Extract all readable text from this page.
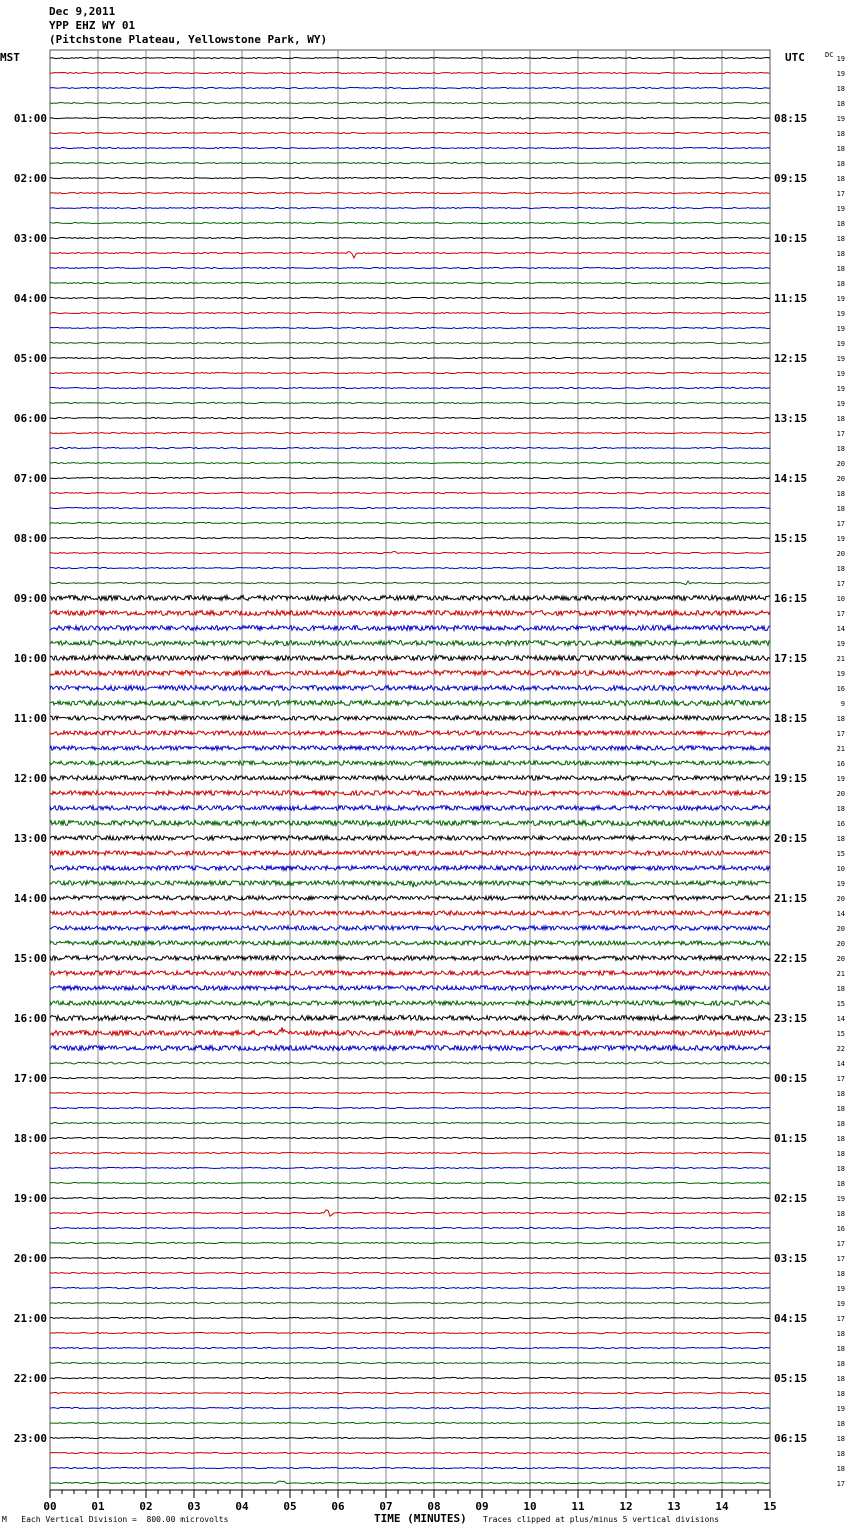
Dec 9,2011
YPP EHZ WY 01
(Pitchstone Plateau, Yellowstone Park, WY)
00	01	02	03	04	05	06	07	08	09	10	11	12	13	14	15
MST	UTC	DC
01:00
02:00
03:00
04:00
05:00
06:00
07:00
08:00
09:00
10:00
11:00
12:00
13:00
14:00
15:00
16:00
17:00
18:00
19:00
20:00
21:00
22:00
23:00
08:15
09:15
10:15
11:15
12:15
13:15
14:15
15:15
16:15
17:15
18:15
19:15
20:15
21:15
22:15
23:15
00:15
01:15
02:15
03:15
04:15
05:15
06:15
19
19
18
18
19
18
18
18
18
17
19
18
18
18
18
18
19
19
19
19
19
19
19
19
18
17
18
20
20
18
18
17
19
20
18
17
10
17
14
19
21
19
16
9
18
17
21
16
19
20
18
16
18
15
10
19
20
14
20
20
20
21
18
15
14
15
22
14
17
18
18
18
18
18
18
18
19
18
16
17
17
18
19
19
17
18
18
18
18
18
19
18
18
18
18
17
M Each Vertical Division =  800.00 microvolts	TIME (MINUTES) Traces clipped at plus/minus 5 vertical divisions
